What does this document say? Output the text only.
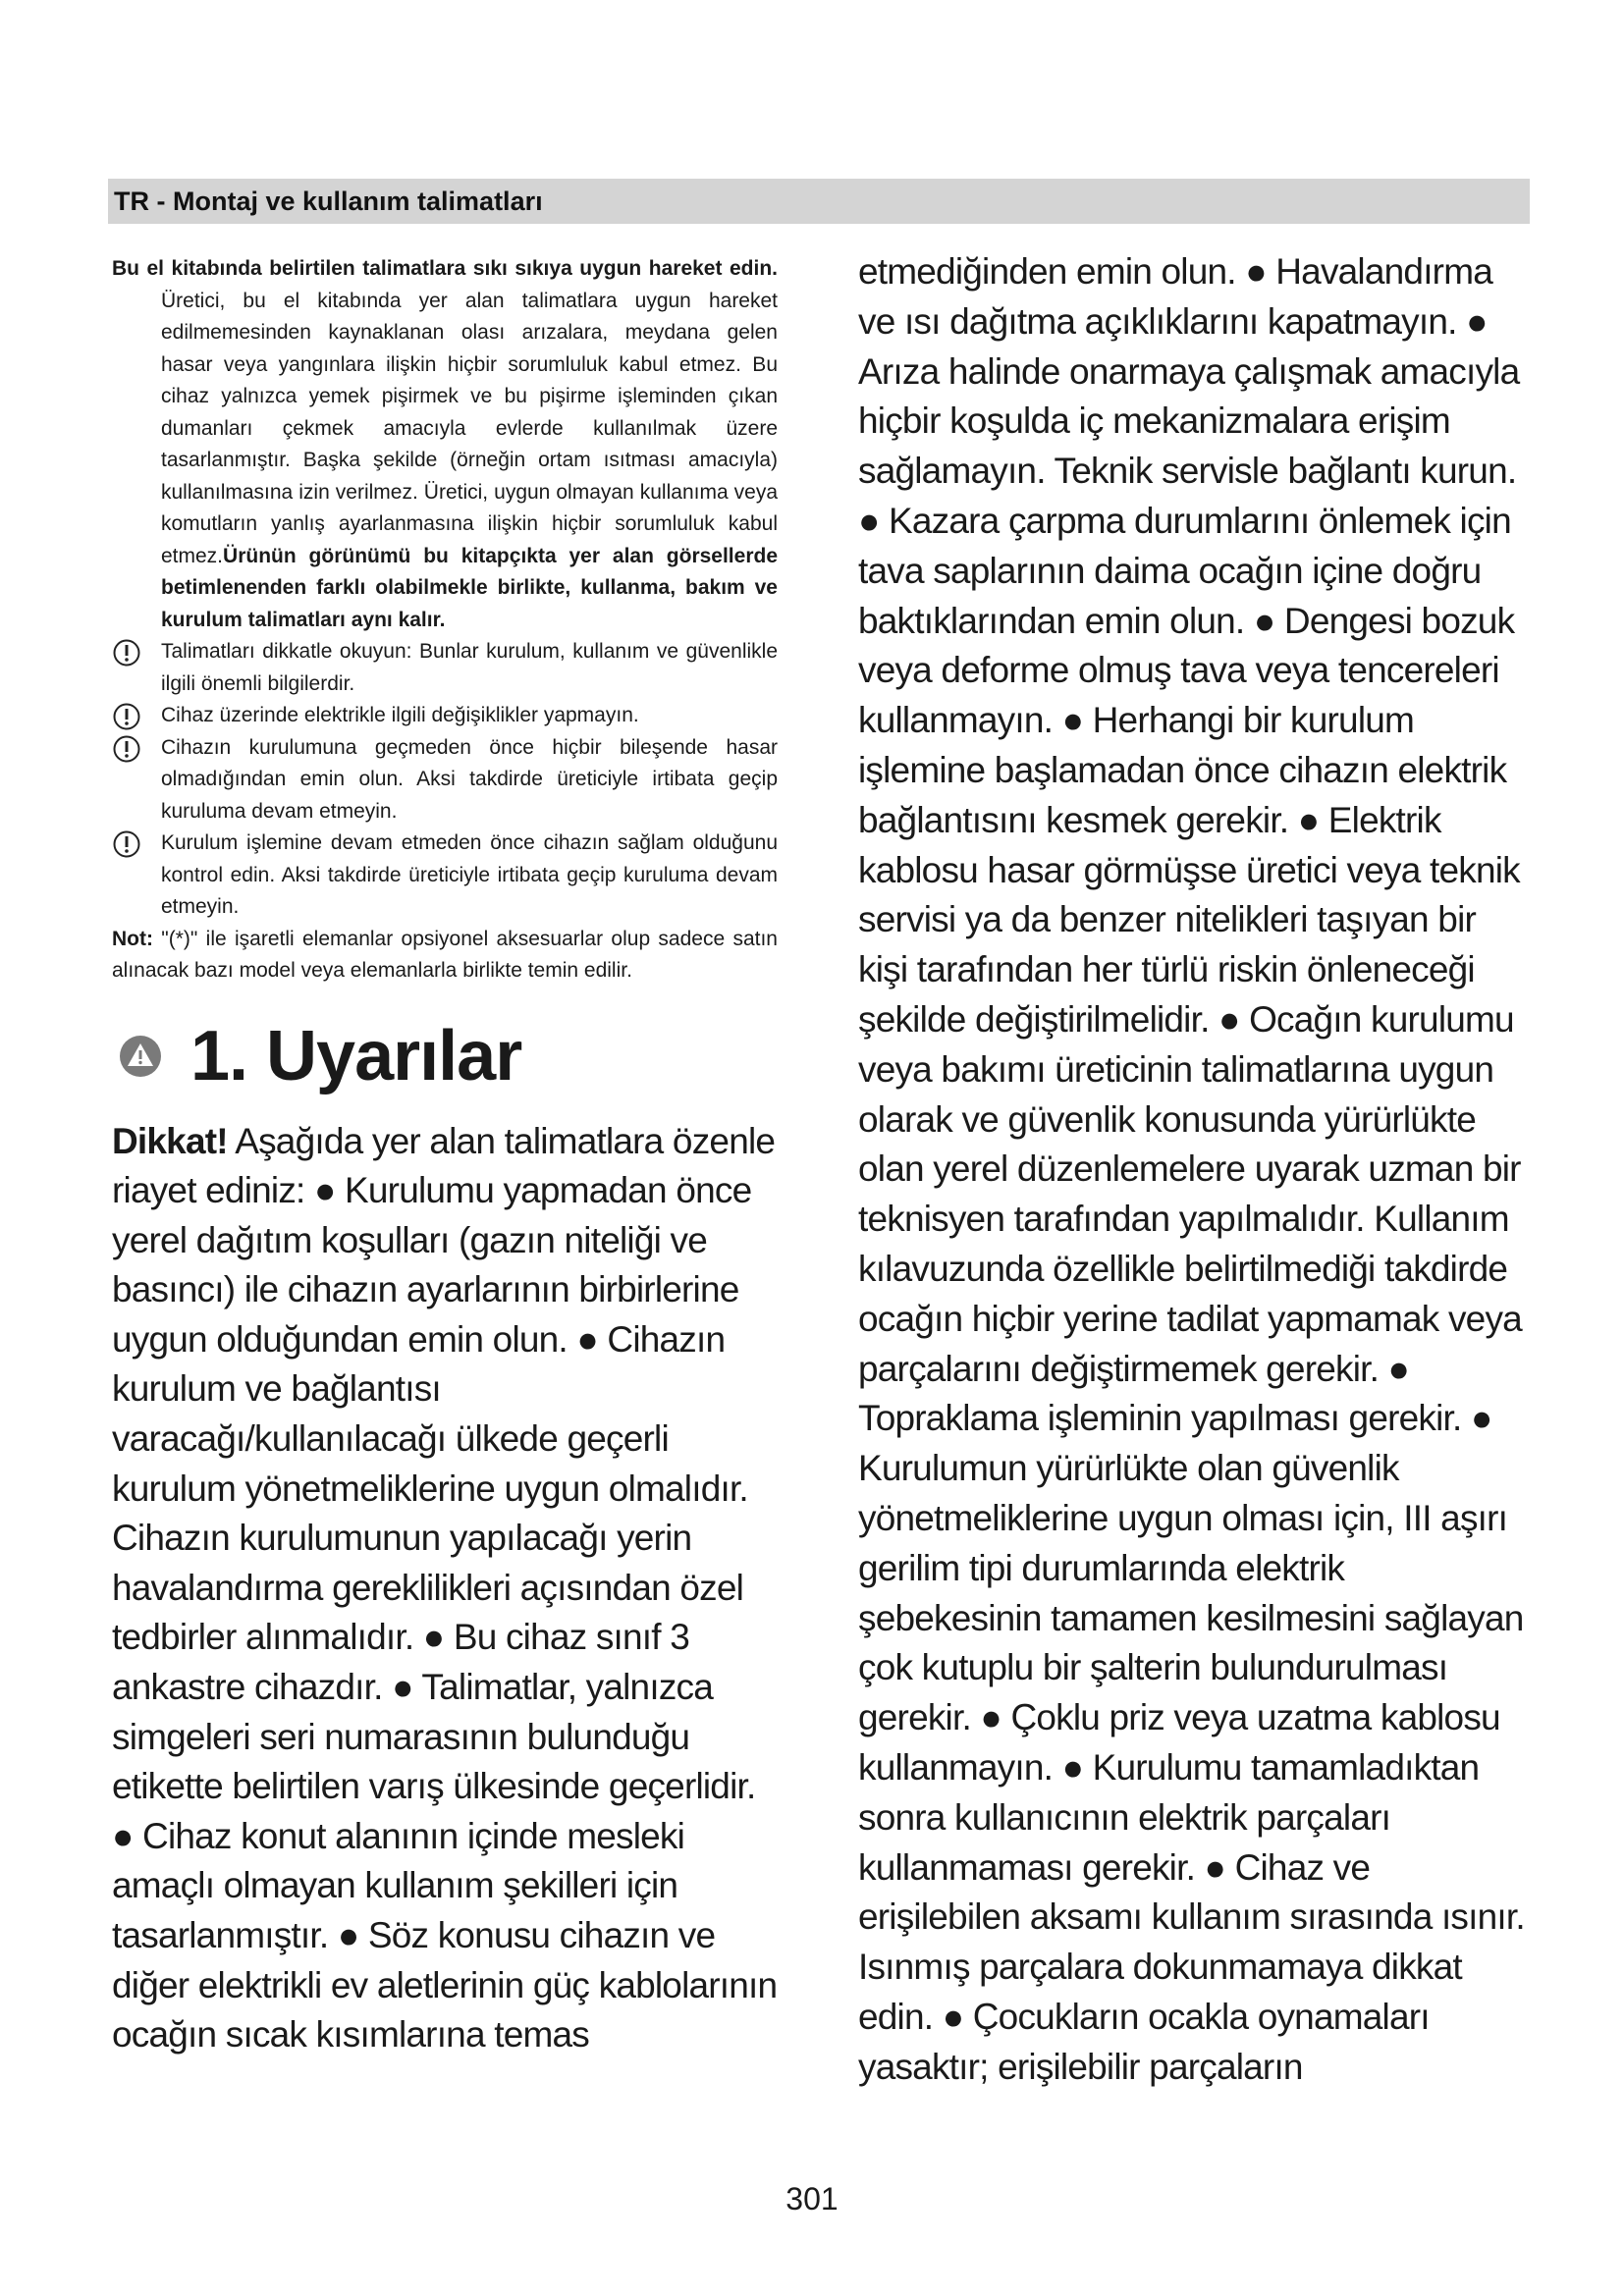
TR - Montaj ve kullanım talimatları

Bu el kitabında belirtilen talimatlara sıkı sıkıya uygun hareket edin. Üretici, bu el kitabında yer alan talimatlara uygun hareket edilmemesinden kaynaklanan olası arızalara, meydana gelen hasar veya yangınlara ilişkin hiçbir sorumluluk kabul etmez. Bu cihaz yalnızca yemek pişirmek ve bu pişirme işleminden çıkan dumanları çekmek amacıyla evlerde kullanılmak üzere tasarlanmıştır. Başka şekilde (örneğin ortam ısıtması amacıyla) kullanılmasına izin verilmez. Üretici, uygun olmayan kullanıma veya komutların yanlış ayarlanmasına ilişkin hiçbir sorumluluk kabul etmez.Ürünün görünümü bu kitapçıkta yer alan görsellerde betimlenenden farklı olabilmekle birlikte, kullanma, bakım ve kurulum talimatları aynı kalır.

Talimatları dikkatle okuyun: Bunlar kurulum, kullanım ve güvenlikle ilgili önemli bilgilerdir.
Cihaz üzerinde elektrikle ilgili değişiklikler yapmayın.
Cihazın kurulumuna geçmeden önce hiçbir bileşende hasar olmadığından emin olun. Aksi takdirde üreticiyle irtibata geçip kuruluma devam etmeyin.
Kurulum işlemine devam etmeden önce cihazın sağlam olduğunu kontrol edin. Aksi takdirde üreticiyle irtibata geçip kuruluma devam etmeyin.

Not: "(*)" ile işaretli elemanlar opsiyonel aksesuarlar olup sadece satın alınacak bazı model veya elemanlarla birlikte temin edilir.

1. Uyarılar

Dikkat! Aşağıda yer alan talimatlara özenle riayet ediniz: ● Kurulumu yapmadan önce yerel dağıtım koşulları (gazın niteliği ve basıncı) ile cihazın ayarlarının birbirlerine uygun olduğundan emin olun. ● Cihazın kurulum ve bağlantısı varacağı/kullanılacağı ülkede geçerli kurulum yönetmeliklerine uygun olmalıdır. Cihazın kurulumunun yapılacağı yerin havalandırma gereklilikleri açısından özel tedbirler alınmalıdır. ● Bu cihaz sınıf 3 ankastre cihazdır. ● Talimatlar, yalnızca simgeleri seri numarasının bulunduğu etikette belirtilen varış ülkesinde geçerlidir. ● Cihaz konut alanının içinde mesleki amaçlı olmayan kullanım şekilleri için tasarlanmıştır. ● Söz konusu cihazın ve diğer elektrikli ev aletlerinin güç kablolarının ocağın sıcak kısımlarına temas

etmediğinden emin olun. ● Havalandırma ve ısı dağıtma açıklıklarını kapatmayın. ● Arıza halinde onarmaya çalışmak amacıyla hiçbir koşulda iç mekanizmalara erişim sağlamayın. Teknik servisle bağlantı kurun. ● Kazara çarpma durumlarını önlemek için tava saplarının daima ocağın içine doğru baktıklarından emin olun. ● Dengesi bozuk veya deforme olmuş tava veya tencereleri kullanmayın. ● Herhangi bir kurulum işlemine başlamadan önce cihazın elektrik bağlantısını kesmek gerekir. ● Elektrik kablosu hasar görmüşse üretici veya teknik servisi ya da benzer nitelikleri taşıyan bir kişi tarafından her türlü riskin önleneceği şekilde değiştirilmelidir. ● Ocağın kurulumu veya bakımı üreticinin talimatlarına uygun olarak ve güvenlik konusunda yürürlükte olan yerel düzenlemelere uyarak uzman bir teknisyen tarafından yapılmalıdır. Kullanım kılavuzunda özellikle belirtilmediği takdirde ocağın hiçbir yerine tadilat yapmamak veya parçalarını değiştirmemek gerekir. ● Topraklama işleminin yapılması gerekir. ● Kurulumun yürürlükte olan güvenlik yönetmeliklerine uygun olması için, III aşırı gerilim tipi durumlarında elektrik şebekesinin tamamen kesilmesini sağlayan çok kutuplu bir şalterin bulundurulması gerekir. ● Çoklu priz veya uzatma kablosu kullanmayın. ● Kurulumu tamamladıktan sonra kullanıcının elektrik parçaları kullanmaması gerekir. ● Cihaz ve erişilebilen aksamı kullanım sırasında ısınır. Isınmış parçalara dokunmamaya dikkat edin. ● Çocukların ocakla oynamaları yasaktır; erişilebilir parçaların

301
